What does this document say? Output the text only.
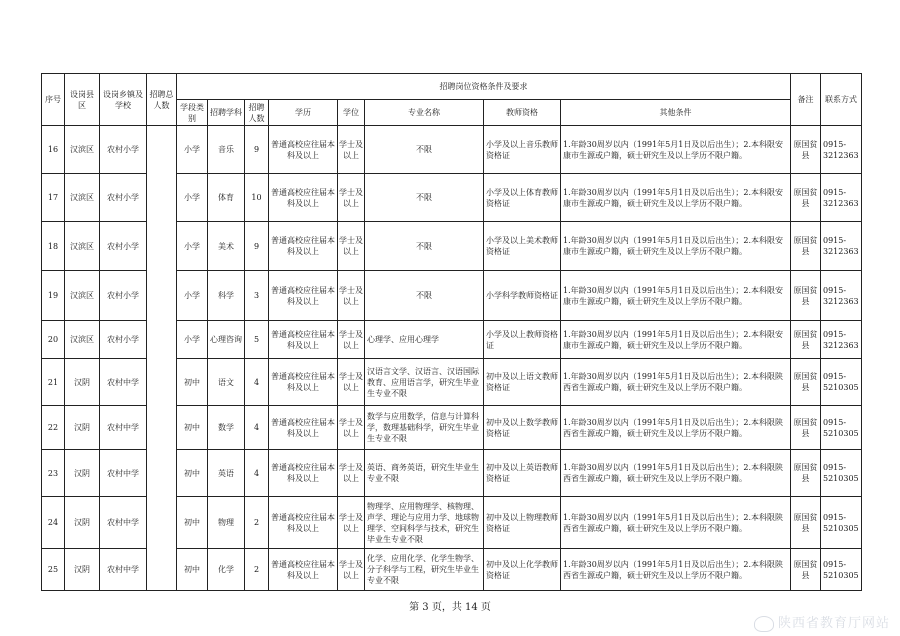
序号	设岗县区	设岗乡镇及学校	招聘总人数	招聘岗位资格条件及要求								备注	联系方式
				学段类别	招聘学科	招聘人数	学历	学位	专业名称	教师资格	其他条件		
16	汉滨区	农村小学		小学	音乐	9	普通高校应往届本科及以上	学士及以上	不限	小学及以上音乐教师资格证	1.年龄30周岁以内（1991年5月1日及以后出生）；2.本科限安康市生源或户籍，硕士研究生及以上学历不限户籍。	原国贫县	0915-3212363
17	汉滨区	农村小学		小学	体育	10	普通高校应往届本科及以上	学士及以上	不限	小学及以上体育教师资格证	1.年龄30周岁以内（1991年5月1日及以后出生）；2.本科限安康市生源或户籍，硕士研究生及以上学历不限户籍。	原国贫县	0915-3212363
18	汉滨区	农村小学		小学	美术	9	普通高校应往届本科及以上	学士及以上	不限	小学及以上美术教师资格证	1.年龄30周岁以内（1991年5月1日及以后出生）；2.本科限安康市生源或户籍，硕士研究生及以上学历不限户籍。	原国贫县	0915-3212363
19	汉滨区	农村小学		小学	科学	3	普通高校应往届本科及以上	学士及以上	不限	小学科学教师资格证	1.年龄30周岁以内（1991年5月1日及以后出生）；2.本科限安康市生源或户籍，硕士研究生及以上学历不限户籍。	原国贫县	0915-3212363
20	汉滨区	农村小学		小学	心理咨询	5	普通高校应往届本科及以上	学士及以上	心理学、应用心理学	小学及以上教师资格证	1.年龄30周岁以内（1991年5月1日及以后出生）；2.本科限安康市生源或户籍，硕士研究生及以上学历不限户籍。	原国贫县	0915-3212363
21	汉阴	农村中学		初中	语文	4	普通高校应往届本科及以上	学士及以上	汉语言文学、汉语言、汉语国际教育、应用语言学，研究生毕业生专业不限	初中及以上语文教师资格证	1.年龄30周岁以内（1991年5月1日及以后出生）；2.本科限陕西省生源或户籍，硕士研究生及以上学历不限户籍。	原国贫县	0915-5210305
22	汉阴	农村中学		初中	数学	4	普通高校应往届本科及以上	学士及以上	数学与应用数学，信息与计算科学，数理基础科学，研究生毕业生专业不限	初中及以上数学教师资格证	1.年龄30周岁以内（1991年5月1日及以后出生）；2.本科限陕西省生源或户籍，硕士研究生及以上学历不限户籍。	原国贫县	0915-5210305
23	汉阴	农村中学		初中	英语	4	普通高校应往届本科及以上	学士及以上	英语、商务英语，研究生毕业生专业不限	初中及以上英语教师资格证	1.年龄30周岁以内（1991年5月1日及以后出生）；2.本科限陕西省生源或户籍，硕士研究生及以上学历不限户籍。	原国贫县	0915-5210305
24	汉阴	农村中学		初中	物理	2	普通高校应往届本科及以上	学士及以上	物理学、应用物理学、核物理、声学、理论与应用力学、地球物理学、空间科学与技术，研究生毕业生专业不限	初中及以上物理教师资格证	1.年龄30周岁以内（1991年5月1日及以后出生）；2.本科限陕西省生源或户籍，硕士研究生及以上学历不限户籍。	原国贫县	0915-5210305
25	汉阴	农村中学		初中	化学	2	普通高校应往届本科及以上	学士及以上	化学、应用化学、化学生物学、分子科学与工程，研究生毕业生专业不限	初中及以上化学教师资格证	1.年龄30周岁以内（1991年5月1日及以后出生）；2.本科限陕西省生源或户籍，硕士研究生及以上学历不限户籍。	原国贫县	0915-5210305
第 3 页，共 14 页
陕西省教育厅网站
